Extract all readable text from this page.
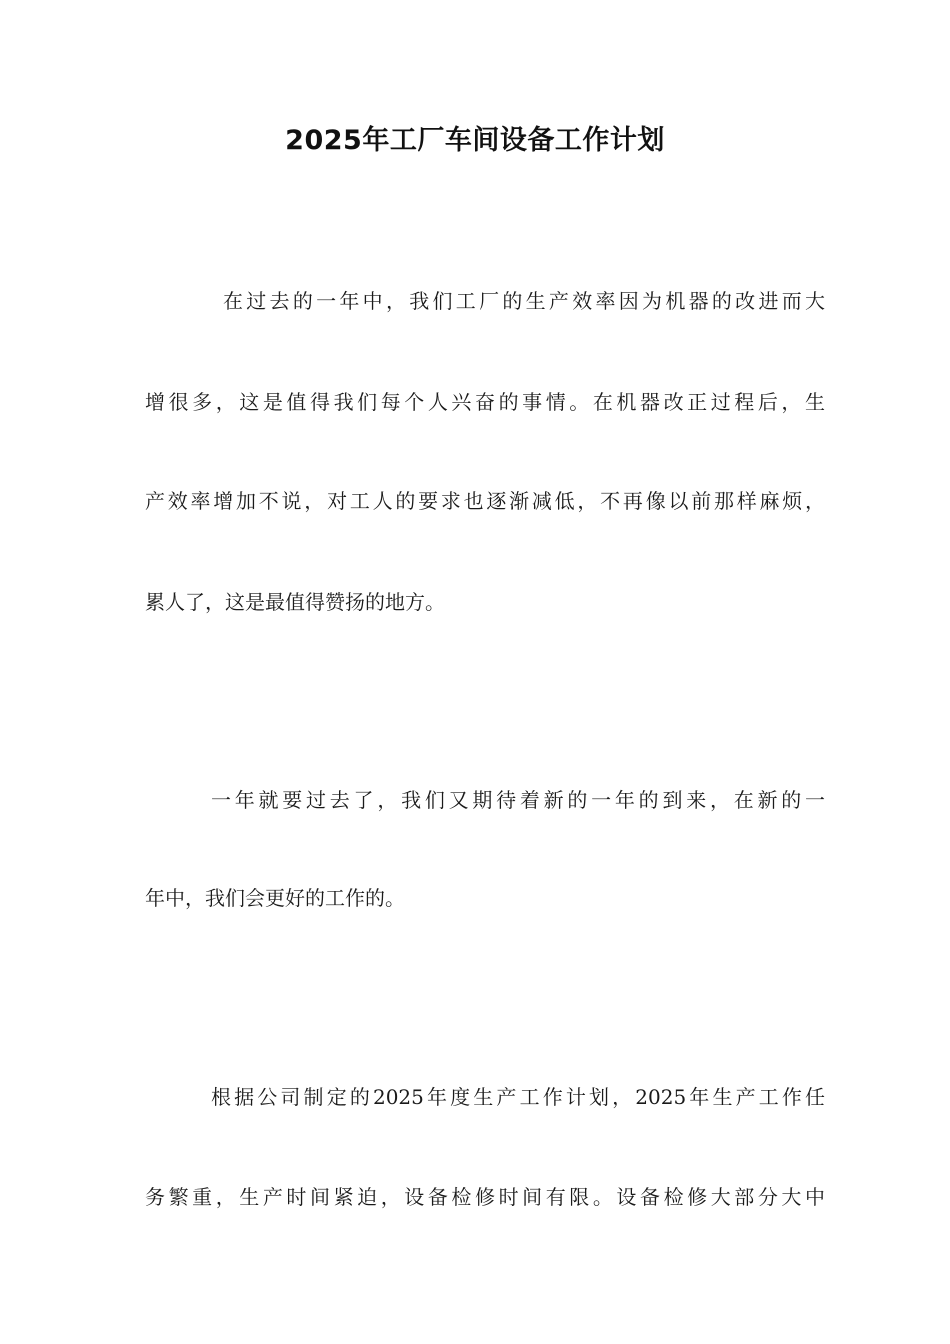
2025年工厂车间设备工作计划
在过去的一年中，我们工厂的生产效率因为机器的改进而大
增很多，这是值得我们每个人兴奋的事情。在机器改正过程后，生
产效率增加不说，对工人的要求也逐渐减低，不再像以前那样麻烦，
累人了，这是最值得赞扬的地方。
一年就要过去了，我们又期待着新的一年的到来，在新的一
年中，我们会更好的工作的。
根据公司制定的2025年度生产工作计划，2025年生产工作任
务繁重，生产时间紧迫，设备检修时间有限。设备检修大部分大中
